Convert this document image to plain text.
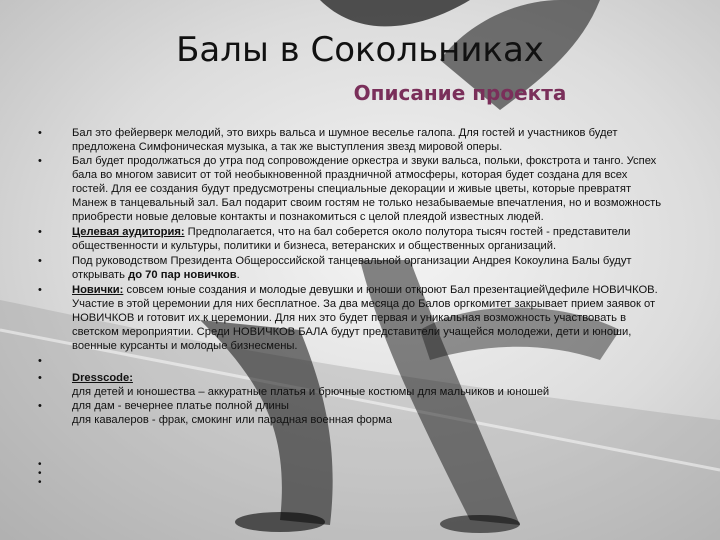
Балы в Сокольниках
Описание проекта
•	Бал это фейерверк мелодий, это вихрь вальса и шумное веселье галопа. Для гостей и участников будет предложена Симфоническая музыка, а так же выступления звезд мировой оперы.
•	Бал будет продолжаться до утра под сопровождение оркестра и звуки вальса, польки, фокстрота и танго. Успех бала во многом зависит от той необыкновенной праздничной атмосферы, которая будет создана для всех гостей. Для ее создания будут предусмотрены специальные декорации и живые цветы, которые превратят Манеж в танцевальный зал. Бал подарит своим гостям не только незабываемые впечатления, но и возможность приобрести новые деловые контакты и познакомиться с целой плеядой известных людей.
•	Целевая аудитория: Предполагается, что на бал соберется около полутора тысяч гостей - представители общественности и культуры, политики и бизнеса, ветеранских и общественных организаций.
•	Под руководством Президента Общероссийской танцевальной организации Андрея Кокоулина Балы будут открывать до 70 пар новичков.
•	Новички: совсем юные создания и молодые девушки и юноши откроют Бал презентацией\дефиле НОВИЧКОВ. Участие в этой церемонии для них бесплатное. За два месяца до Балов оргкомитет закрывает прием заявок от НОВИЧКОВ и готовит их к церемонии. Для них это будет первая и уникальная возможность участвовать в светском мероприятии. Среди НОВИЧКОВ БАЛА будут представители учащейся молодежи, дети и юноши, военные курсанты и молодые бизнесмены.
•
•	Dresscode:
для детей и юношества – аккуратные платья и брючные костюмы для мальчиков и юношей
•	для дам - вечернее платье полной длины
для кавалеров - фрак, смокинг или парадная военная форма
•
•
•
